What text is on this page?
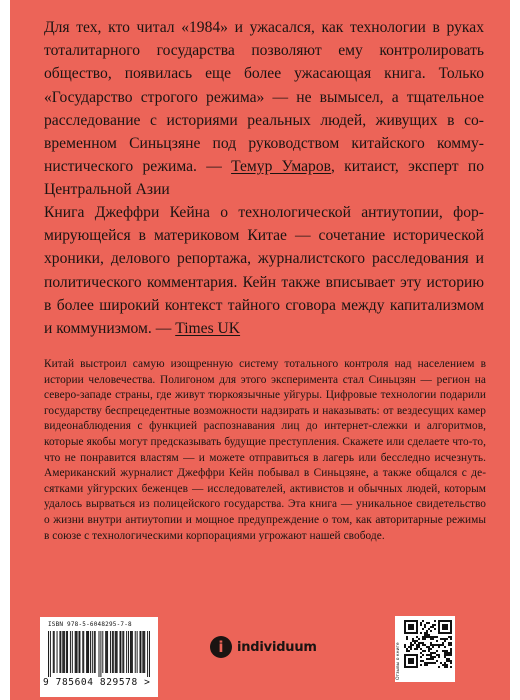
Для тех, кто читал «1984» и ужасался, как технологии в руках тоталитарного государства позволяют ему контролировать общество, появилась еще более ужасающая книга. Только «Государство строгого режима» — не вымысел, а тщательное расследование с историями реальных людей, живущих в современном Синьцзяне под руководством китайского коммунистического режима. — Темур Умаров, китаист, эксперт по Центральной Азии

Книга Джеффри Кейна о технологической антиутопии, формирующейся в материковом Китае — сочетание исторической хроники, делового репортажа, журналистского расследования и политического комментария. Кейн также вписывает эту историю в более широкий контекст тайного сговора между капитализмом и коммунизмом. — Times UK

Китай выстроил самую изощренную систему тотального контроля над населением в истории человечества. Полигоном для этого эксперимента стал Синьцзян — регион на северо-западе страны, где живут тюркоязычные уйгуры. Цифровые технологии подарили государству беспрецедентные возможности надзирать и наказывать: от вездесущих камер видеонаблюдения с функцией распознавания лиц до интернет-слежки и алгоритмов, которые якобы могут предсказывать будущие преступления. Скажете или сделаете что-то, что не понравится властям — и можете отправиться в лагерь или бесследно исчезнуть. Американский журналист Джеффри Кейн побывал в Синьцзяне, а также общался с десятками уйгурских беженцев — исследователей, активистов и обычных людей, которым удалось вырваться из полицейского государства. Эта книга — уникальное свидетельство о жизни внутри антиутопии и мощное предупреждение о том, как авторитарные режимы в союзе с технологическими корпорациями угрожают нашей свободе.

ISBN 978-5-6048295-7-8
9 785604 829578 >
i	individuum	Отзывы о книге
